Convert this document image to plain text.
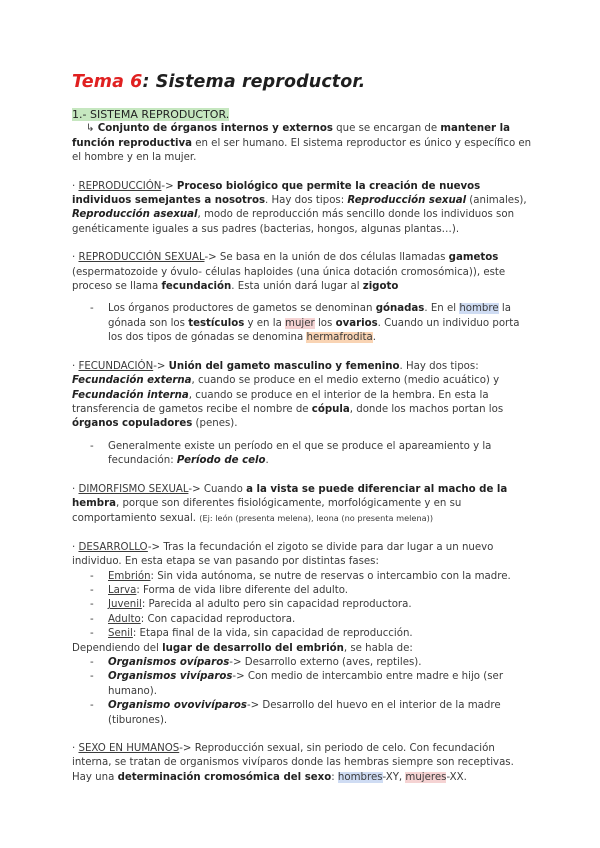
Tema 6: Sistema reproductor.

1.- SISTEMA REPRODUCTOR.

↳ Conjunto de órganos internos y externos que se encargan de mantener la función reproductiva en el ser humano. El sistema reproductor es único y específico en el hombre y en la mujer.

· REPRODUCCIÓN-> Proceso biológico que permite la creación de nuevos individuos semejantes a nosotros. Hay dos tipos: Reproducción sexual (animales), Reproducción asexual, modo de reproducción más sencillo donde los individuos son genéticamente iguales a sus padres (bacterias, hongos, algunas plantas…).

· REPRODUCCIÓN SEXUAL-> Se basa en la unión de dos células llamadas gametos (espermatozoide y óvulo- células haploides (una única dotación cromosómica)), este proceso se llama fecundación. Esta unión dará lugar al zigoto

- Los órganos productores de gametos se denominan gónadas. En el hombre la gónada son los testículos y en la mujer los ovarios. Cuando un individuo porta los dos tipos de gónadas se denomina hermafrodita.

· FECUNDACIÓN-> Unión del gameto masculino y femenino. Hay dos tipos: Fecundación externa, cuando se produce en el medio externo (medio acuático) y Fecundación interna, cuando se produce en el interior de la hembra. En esta la transferencia de gametos recibe el nombre de cópula, donde los machos portan los órganos copuladores (penes).

- Generalmente existe un período en el que se produce el apareamiento y la fecundación: Período de celo.

· DIMORFISMO SEXUAL-> Cuando a la vista se puede diferenciar al macho de la hembra, porque son diferentes fisiológicamente, morfológicamente y en su comportamiento sexual. (Ej: león (presenta melena), leona (no presenta melena))

· DESARROLLO-> Tras la fecundación el zigoto se divide para dar lugar a un nuevo individuo. En esta etapa se van pasando por distintas fases:

- Embrión: Sin vida autónoma, se nutre de reservas o intercambio con la madre.
- Larva: Forma de vida libre diferente del adulto.
- Juvenil: Parecida al adulto pero sin capacidad reproductora.
- Adulto: Con capacidad reproductora.
- Senil: Etapa final de la vida, sin capacidad de reproducción.

Dependiendo del lugar de desarrollo del embrión, se habla de:

- Organismos ovíparos-> Desarrollo externo (aves, reptiles).
- Organismos vivíparos-> Con medio de intercambio entre madre e hijo (ser humano).
- Organismo ovovivíparos-> Desarrollo del huevo en el interior de la madre (tiburones).

· SEXO EN HUMANOS-> Reproducción sexual, sin periodo de celo. Con fecundación interna, se tratan de organismos vivíparos donde las hembras siempre son receptivas. Hay una determinación cromosómica del sexo: hombres-XY, mujeres-XX.
